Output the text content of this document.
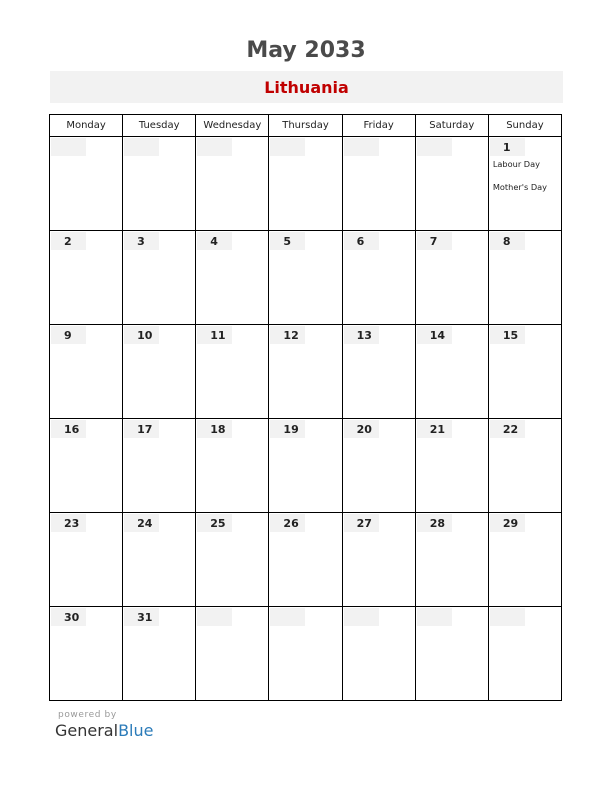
May 2033
Lithuania
Monday	Tuesday	Wednesday	Thursday	Friday	Saturday	Sunday

						1
Labour Day
Mother's Day

2	3	4	5	6	7	8

9	10	11	12	13	14	15

16	17	18	19	20	21	22

23	24	25	26	27	28	29

30	31					

powered by
GeneralBlue
